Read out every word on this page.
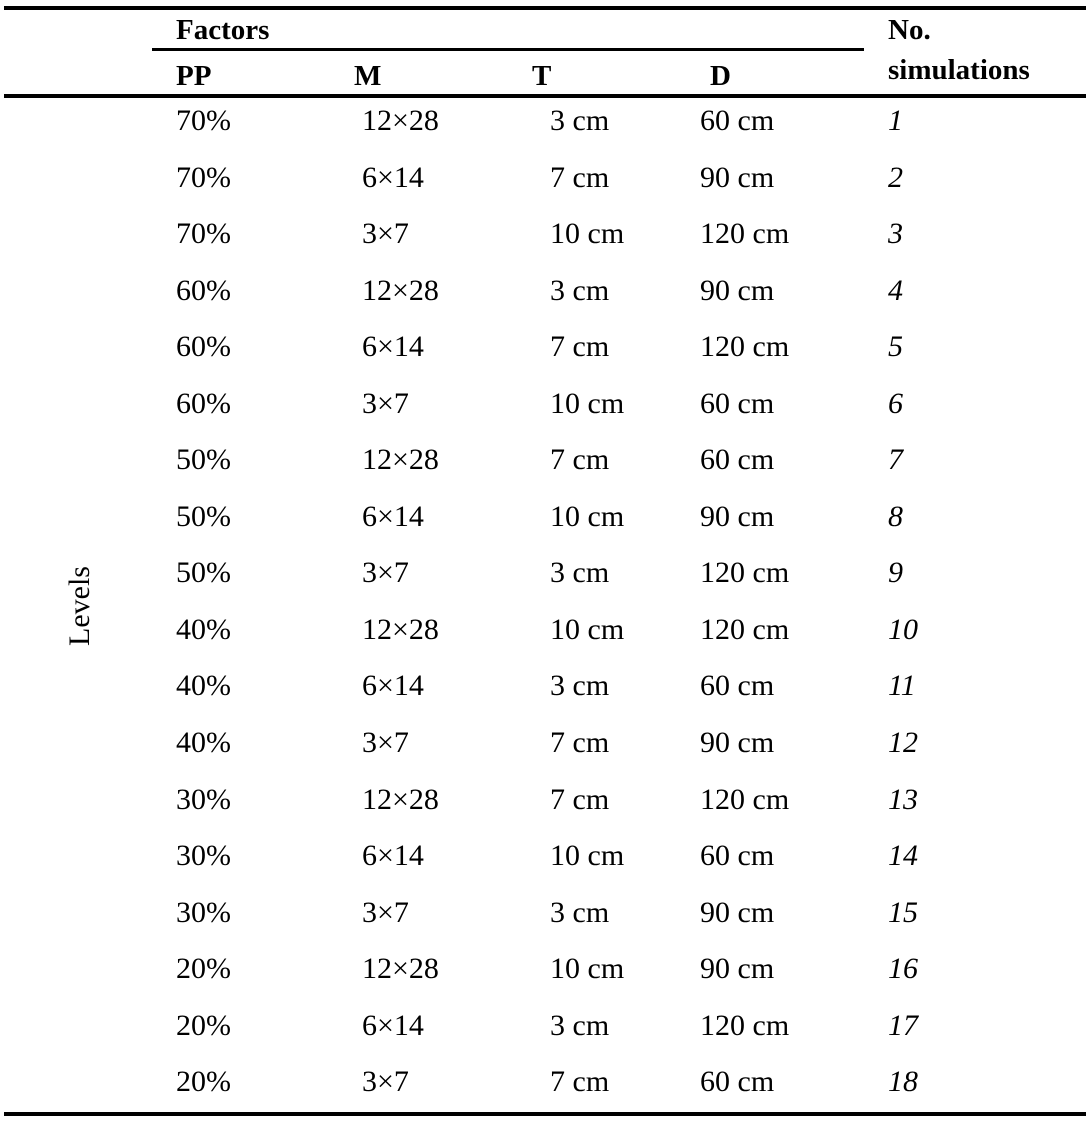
Factors	No.
simulations
PP	M	T	D
Levels
70%	12×28	3 cm	60 cm	1
70%	6×14	7 cm	90 cm	2
70%	3×7	10 cm	120 cm	3
60%	12×28	3 cm	90 cm	4
60%	6×14	7 cm	120 cm	5
60%	3×7	10 cm	60 cm	6
50%	12×28	7 cm	60 cm	7
50%	6×14	10 cm	90 cm	8
50%	3×7	3 cm	120 cm	9
40%	12×28	10 cm	120 cm	10
40%	6×14	3 cm	60 cm	11
40%	3×7	7 cm	90 cm	12
30%	12×28	7 cm	120 cm	13
30%	6×14	10 cm	60 cm	14
30%	3×7	3 cm	90 cm	15
20%	12×28	10 cm	90 cm	16
20%	6×14	3 cm	120 cm	17
20%	3×7	7 cm	60 cm	18
